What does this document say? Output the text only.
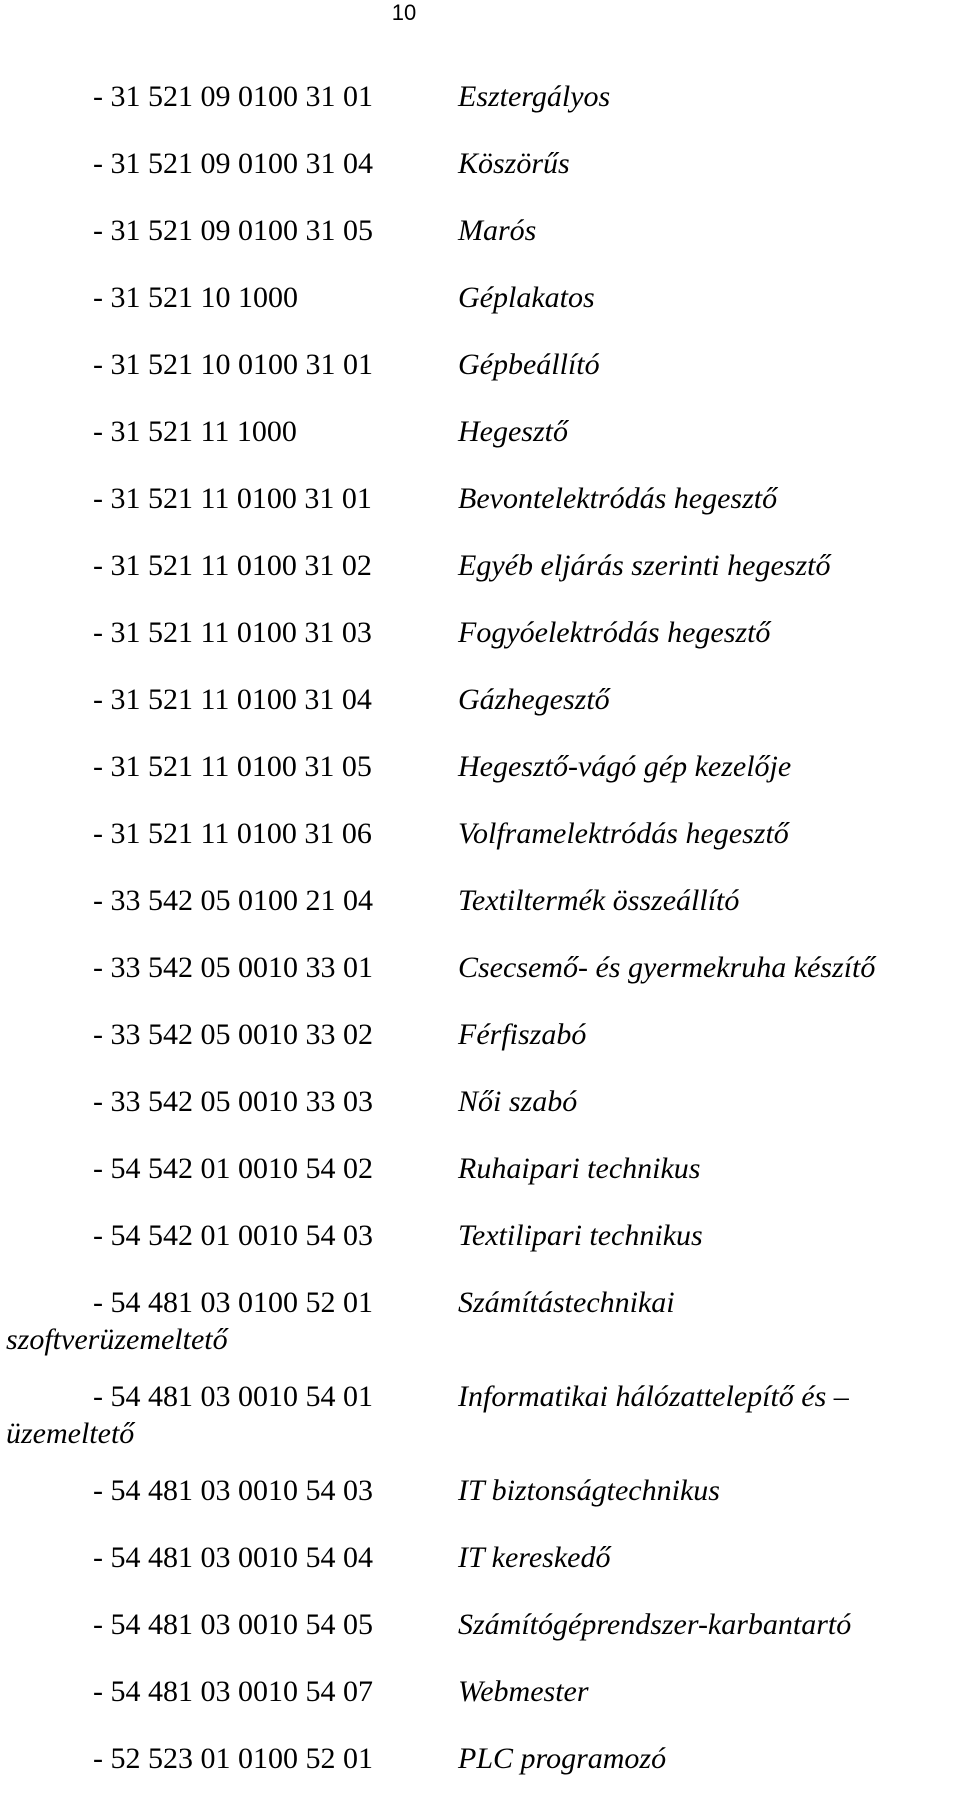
10
- 31 521 09 0100 31 01	Esztergályos
- 31 521 09 0100 31 04	Köszörűs
- 31 521 09 0100 31 05	Marós
- 31 521 10 1000	Géplakatos
- 31 521 10 0100 31 01	Gépbeállító
- 31 521 11 1000	Hegesztő
- 31 521 11 0100 31 01	Bevontelektródás hegesztő
- 31 521 11 0100 31 02	Egyéb eljárás szerinti hegesztő
- 31 521 11 0100 31 03	Fogyóelektródás hegesztő
- 31 521 11 0100 31 04	Gázhegesztő
- 31 521 11 0100 31 05	Hegesztő-vágó gép kezelője
- 31 521 11 0100 31 06	Volframelektródás hegesztő
- 33 542 05 0100 21 04	Textiltermék összeállító
- 33 542 05 0010 33 01	Csecsemő- és gyermekruha készítő
- 33 542 05 0010 33 02	Férfiszabó
- 33 542 05 0010 33 03	Női szabó
- 54 542 01 0010 54 02	Ruhaipari technikus
- 54 542 01 0010 54 03	Textilipari technikus
- 54 481 03 0100 52 01	Számítástechnikai
szoftverüzemeltető
- 54 481 03 0010 54 01	Informatikai hálózattelepítő és –
üzemeltető
- 54 481 03 0010 54 03	IT biztonságtechnikus
- 54 481 03 0010 54 04	IT kereskedő
- 54 481 03 0010 54 05	Számítógéprendszer-karbantartó
- 54 481 03 0010 54 07	Webmester
- 52 523 01 0100 52 01	PLC programozó
